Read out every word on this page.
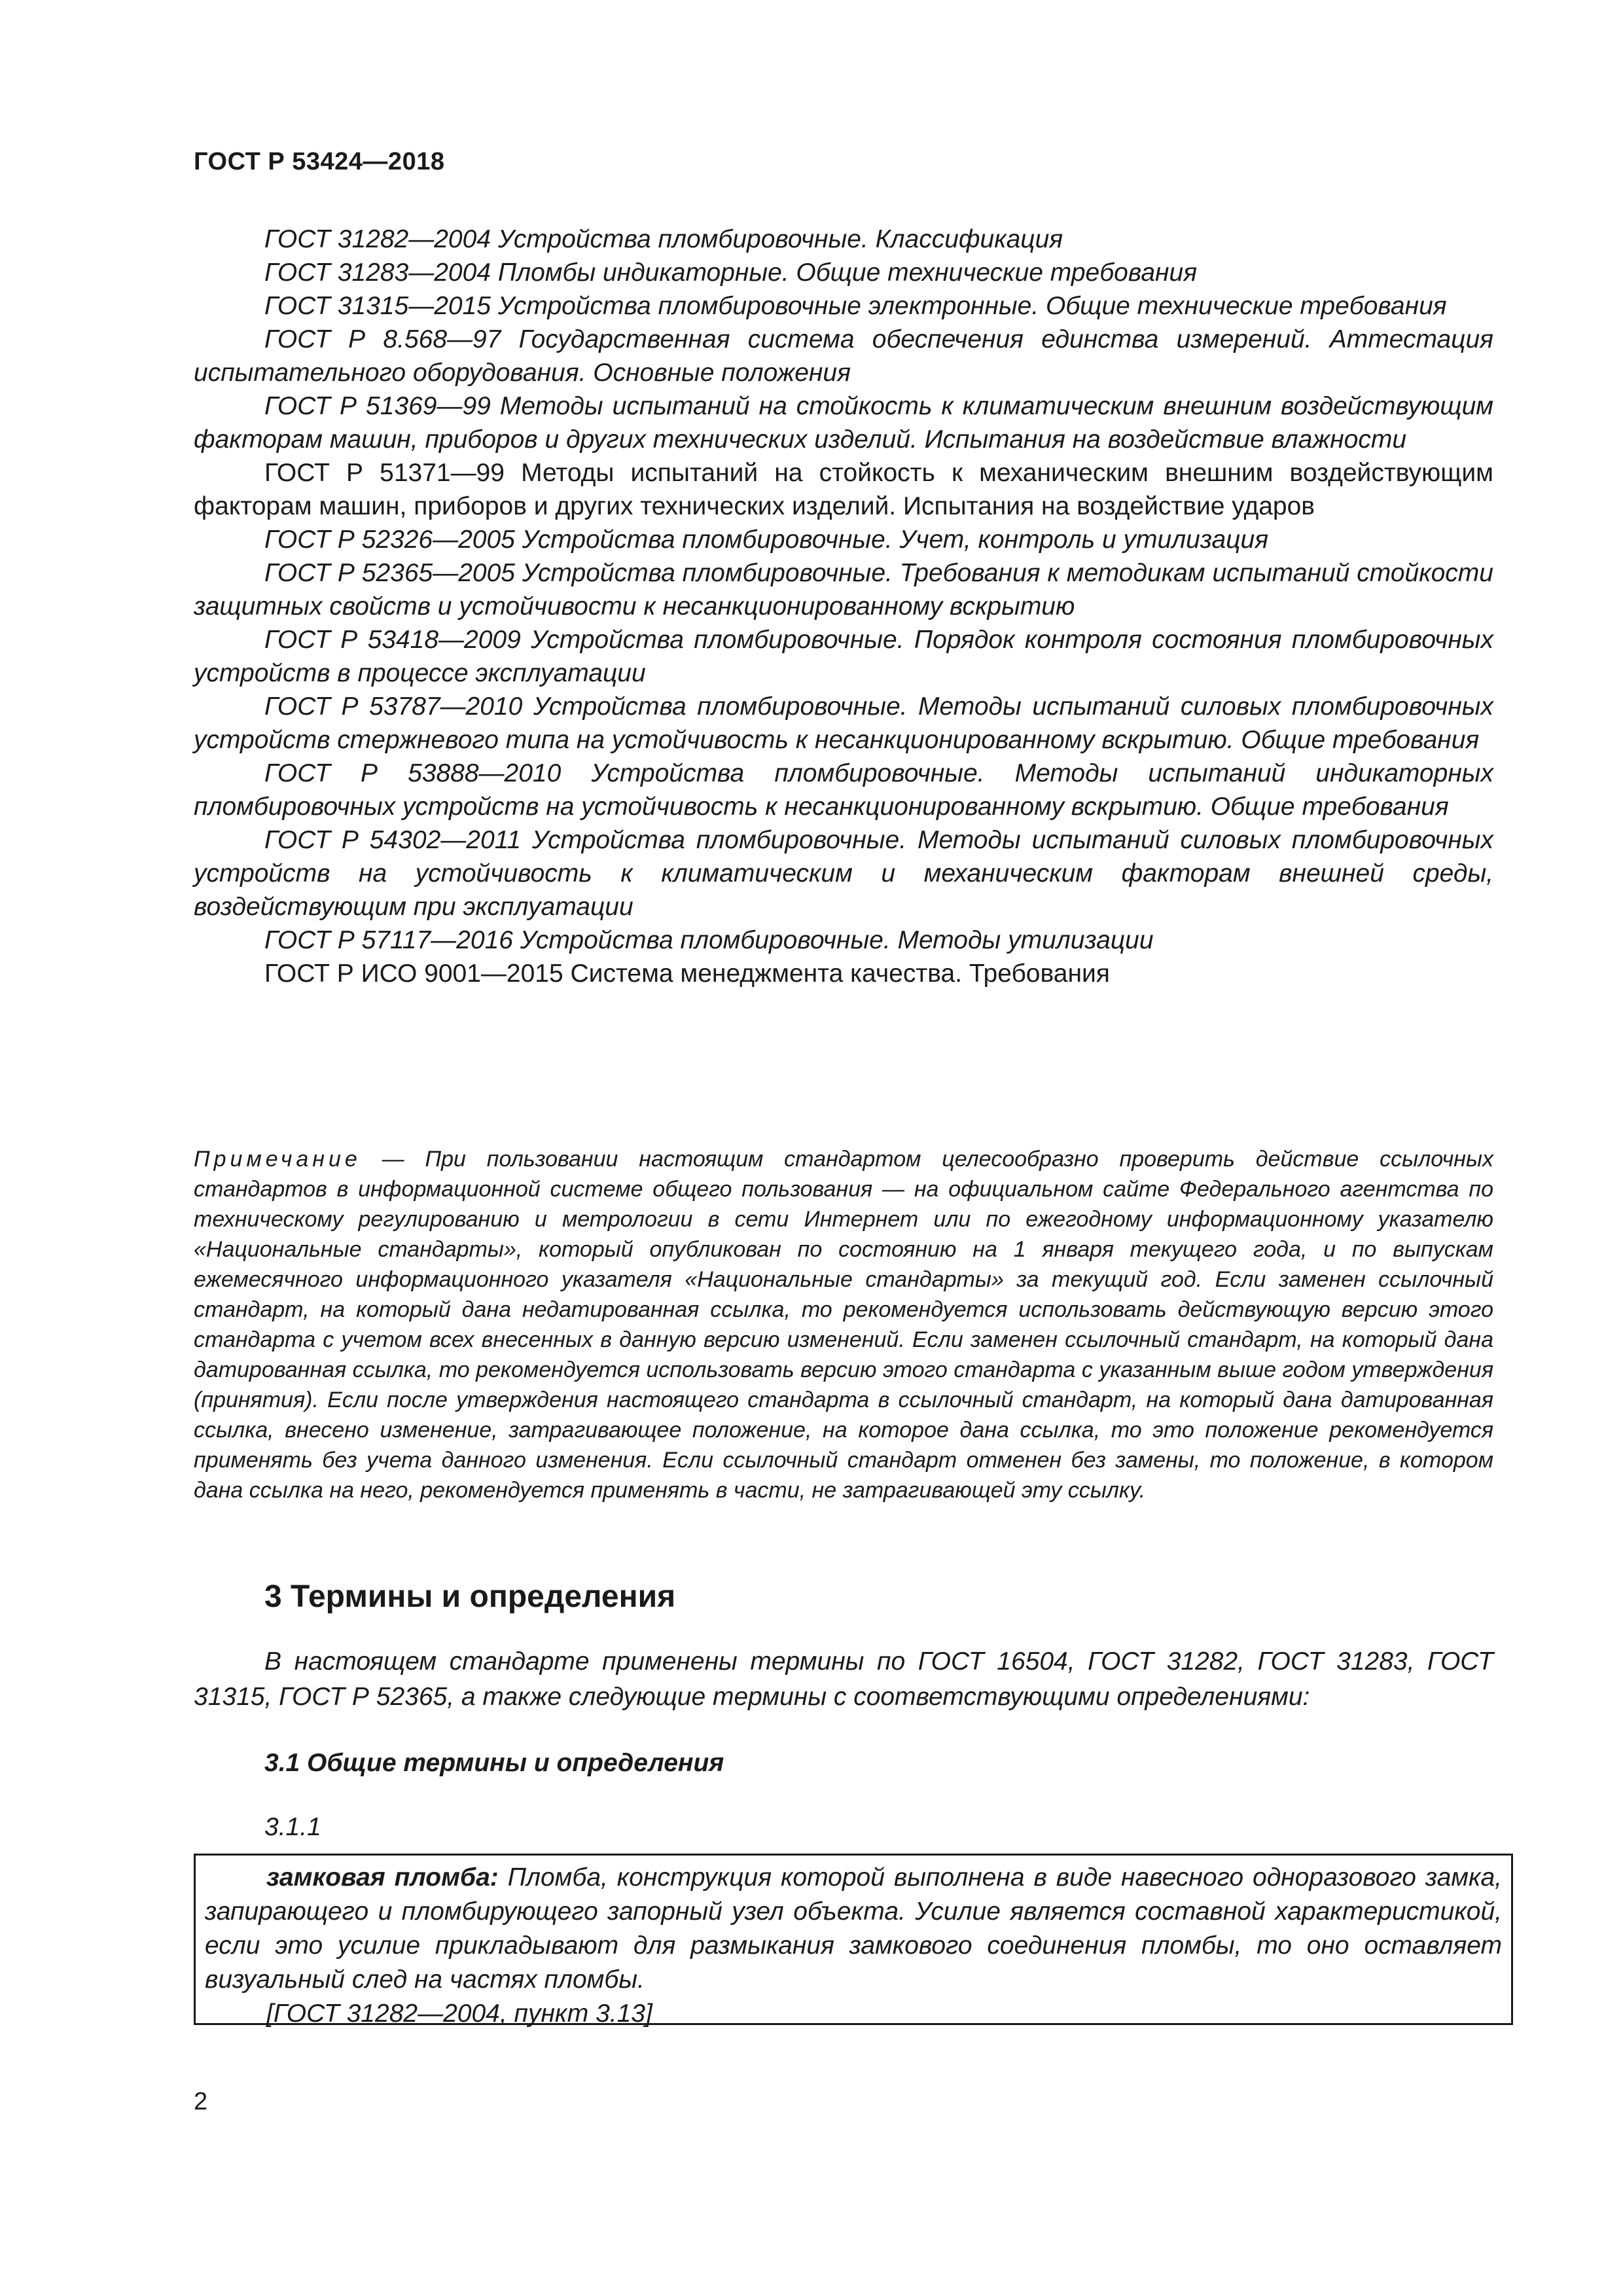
ГОСТ Р 53424—2018

ГОСТ 31282—2004 Устройства пломбировочные. Классификация

ГОСТ 31283—2004 Пломбы индикаторные. Общие технические требования

ГОСТ 31315—2015 Устройства пломбировочные электронные. Общие технические требования

ГОСТ Р 8.568—97 Государственная система обеспечения единства измерений. Аттестация испытательного оборудования. Основные положения

ГОСТ Р 51369—99 Методы испытаний на стойкость к климатическим внешним воздействующим факторам машин, приборов и других технических изделий. Испытания на воздействие влажности

ГОСТ Р 51371—99 Методы испытаний на стойкость к механическим внешним воздействующим факторам машин, приборов и других технических изделий. Испытания на воздействие ударов

ГОСТ Р 52326—2005 Устройства пломбировочные. Учет, контроль и утилизация

ГОСТ Р 52365—2005 Устройства пломбировочные. Требования к методикам испытаний стойкости защитных свойств и устойчивости к несанкционированному вскрытию

ГОСТ Р 53418—2009 Устройства пломбировочные. Порядок контроля состояния пломбировочных устройств в процессе эксплуатации

ГОСТ Р 53787—2010 Устройства пломбировочные. Методы испытаний силовых пломбировочных устройств стержневого типа на устойчивость к несанкционированному вскрытию. Общие требования

ГОСТ Р 53888—2010 Устройства пломбировочные. Методы испытаний индикаторных пломбировочных устройств на устойчивость к несанкционированному вскрытию. Общие требования

ГОСТ Р 54302—2011 Устройства пломбировочные. Методы испытаний силовых пломбировочных устройств на устойчивость к климатическим и механическим факторам внешней среды, воздействующим при эксплуатации

ГОСТ Р 57117—2016 Устройства пломбировочные. Методы утилизации

ГОСТ Р ИСО 9001—2015 Система менеджмента качества. Требования

Примечание — При пользовании настоящим стандартом целесообразно проверить действие ссылочных стандартов в информационной системе общего пользования — на официальном сайте Федерального агентства по техническому регулированию и метрологии в сети Интернет или по ежегодному информационному указателю «Национальные стандарты», который опубликован по состоянию на 1 января текущего года, и по выпускам ежемесячного информационного указателя «Национальные стандарты» за текущий год. Если заменен ссылочный стандарт, на который дана недатированная ссылка, то рекомендуется использовать действующую версию этого стандарта с учетом всех внесенных в данную версию изменений. Если заменен ссылочный стандарт, на который дана датированная ссылка, то рекомендуется использовать версию этого стандарта с указанным выше годом утверждения (принятия). Если после утверждения настоящего стандарта в ссылочный стандарт, на который дана датированная ссылка, внесено изменение, затрагивающее положение, на которое дана ссылка, то это положение рекомендуется применять без учета данного изменения. Если ссылочный стандарт отменен без замены, то положение, в котором дана ссылка на него, рекомендуется применять в части, не затрагивающей эту ссылку.
3 Термины и определения

В настоящем стандарте применены термины по ГОСТ 16504, ГОСТ 31282, ГОСТ 31283, ГОСТ 31315, ГОСТ Р 52365, а также следующие термины с соответствующими определениями:

3.1 Общие термины и определения
3.1.1

замковая пломба: Пломба, конструкция которой выполнена в виде навесного одноразового замка, запирающего и пломбирующего запорный узел объекта. Усилие является составной характеристикой, если это усилие прикладывают для размыкания замкового соединения пломбы, то оно оставляет визуальный след на частях пломбы.

[ГОСТ 31282—2004, пункт 3.13]

2
